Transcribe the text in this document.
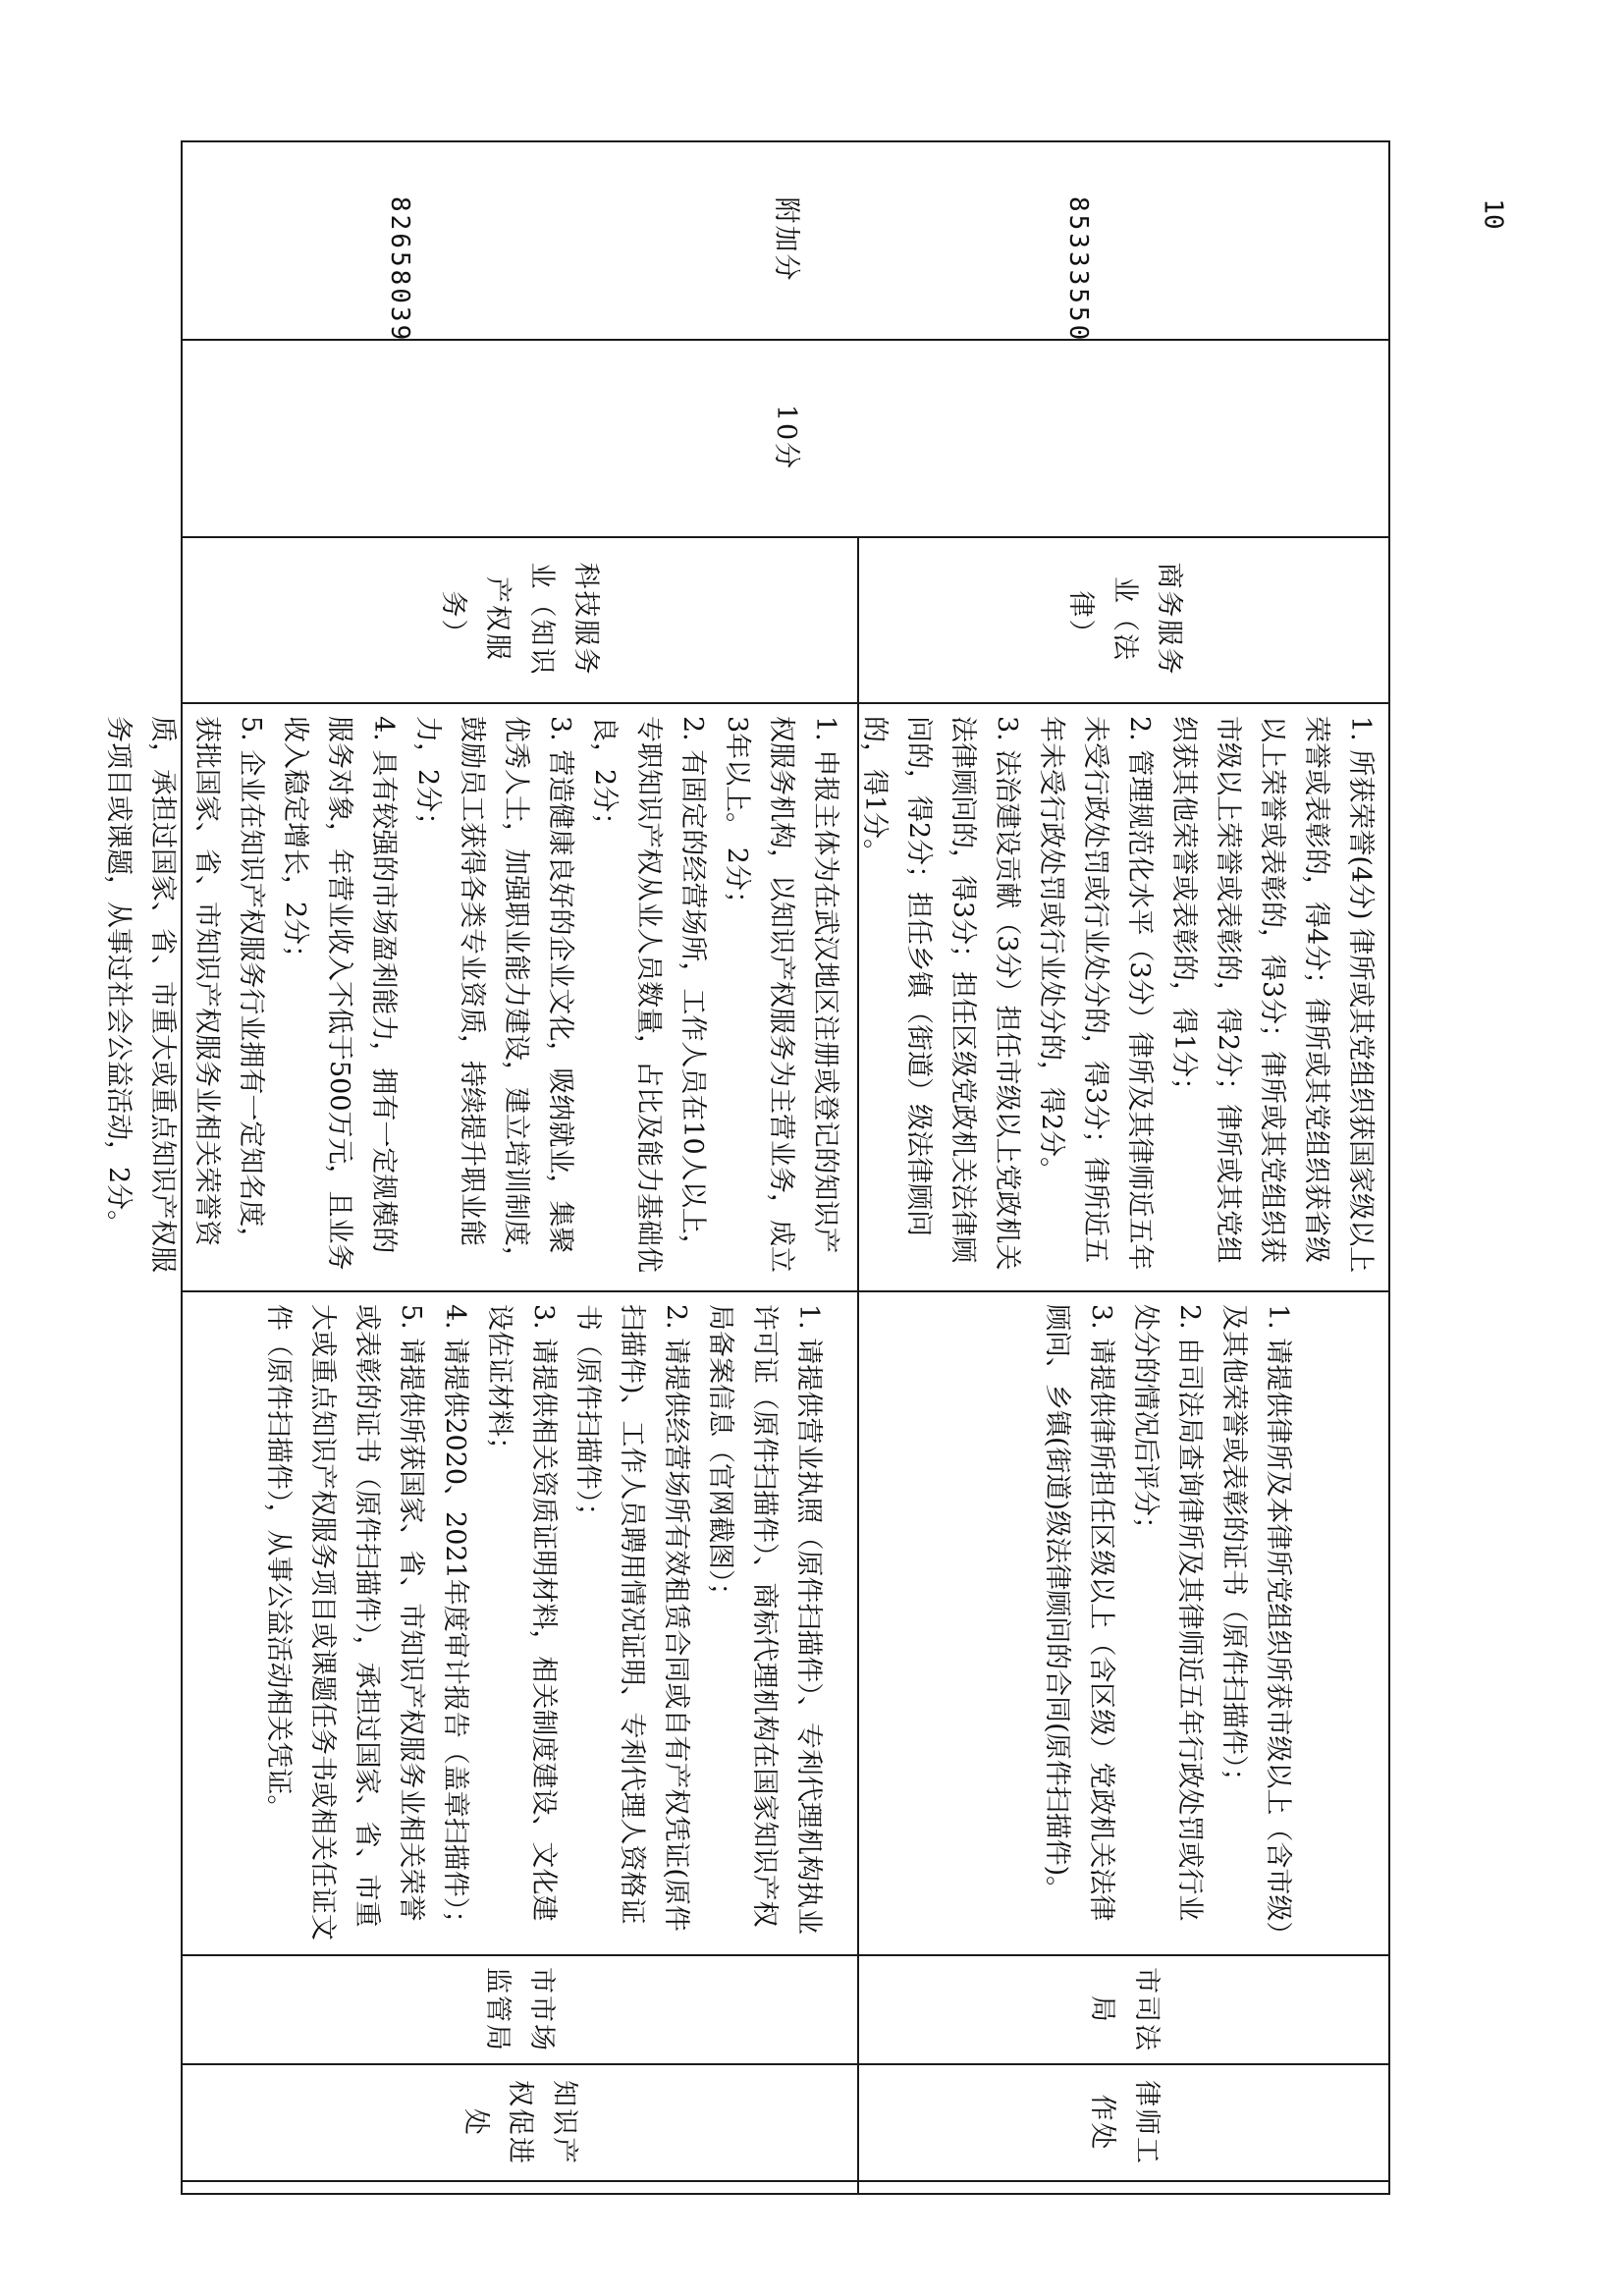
附加分
10分
商务服务业（法律）

1. 所获荣誉(4分) 律所或其党组织获国家级以上荣誉或表彰的，得4分；律所或其党组织获省级以上荣誉或表彰的，得3分；律所或其党组织获市级以上荣誉或表彰的，得2分；律所或其党组织获其他荣誉或表彰的，得1分；

2. 管理规范化水平（3分）律所及其律师近五年未受行政处罚或行业处分的，得3分；律所近五年未受行政处罚或行业处分的，得2分。

3. 法治建设贡献（3分）担任市级以上党政机关法律顾问的，得3分；担任区级党政机关法律顾问的，得2分；担任乡镇（街道）级法律顾问的，得1分。

1. 请提供律所及本律所党组织所获市级以上（含市级）及其他荣誉或表彰的证书（原件扫描件）；

2. 由司法局查询律所及其律师近五年行政处罚或行业处分的情况后评分；

3. 请提供律所担任区级以上（含区级）党政机关法律顾问、乡镇(街道)级法律顾问的合同(原件扫描件)。

市司法局
律师工作处
科技服务业（知识产权服务）

1. 申报主体为在武汉地区注册或登记的知识产权服务机构，以知识产权服务为主营业务，成立3年以上。 2分；

2. 有固定的经营场所，工作人员在10人以上，专职知识产权从业人员数量，占比及能力基础优良，2分；

3. 营造健康良好的企业文化，吸纳就业，集聚优秀人士，加强职业能力建设，建立培训制度，鼓励员工获得各类专业资质，持续提升职业能力，2分；

4. 具有较强的市场盈利能力，拥有一定规模的服务对象，年营业收入不低于500万元，且业务收入稳定增长，2分；

5. 企业在知识产权服务行业拥有一定知名度，获批国家、省、市知识产权服务业相关荣誉资质，承担过国家、省、市重大或重点知识产权服务项目或课题，从事过社会公益活动，2分。

1. 请提供营业执照（原件扫描件）、专利代理机构执业许可证（原件扫描件）、商标代理机构在国家知识产权局备案信息（官网截图）；

2. 请提供经营场所有效租赁合同或自有产权凭证(原件扫描件)、工作人员聘用情况证明、专利代理人资格证书（原件扫描件）；

3. 请提供相关资质证明材料，相关制度建设、文化建设佐证材料；

4. 请提供2020、2021年度审计报告（盖章扫描件）；

5. 请提供所获国家、省、市知识产权服务业相关荣誉或表彰的证书（原件扫描件），承担过国家、省、市重大或重点知识产权服务项目或课题任务书或相关任证文件（原件扫描件），从事公益活动相关凭证。

市市场监管局
知识产权促进处
82658039	85333550	10
